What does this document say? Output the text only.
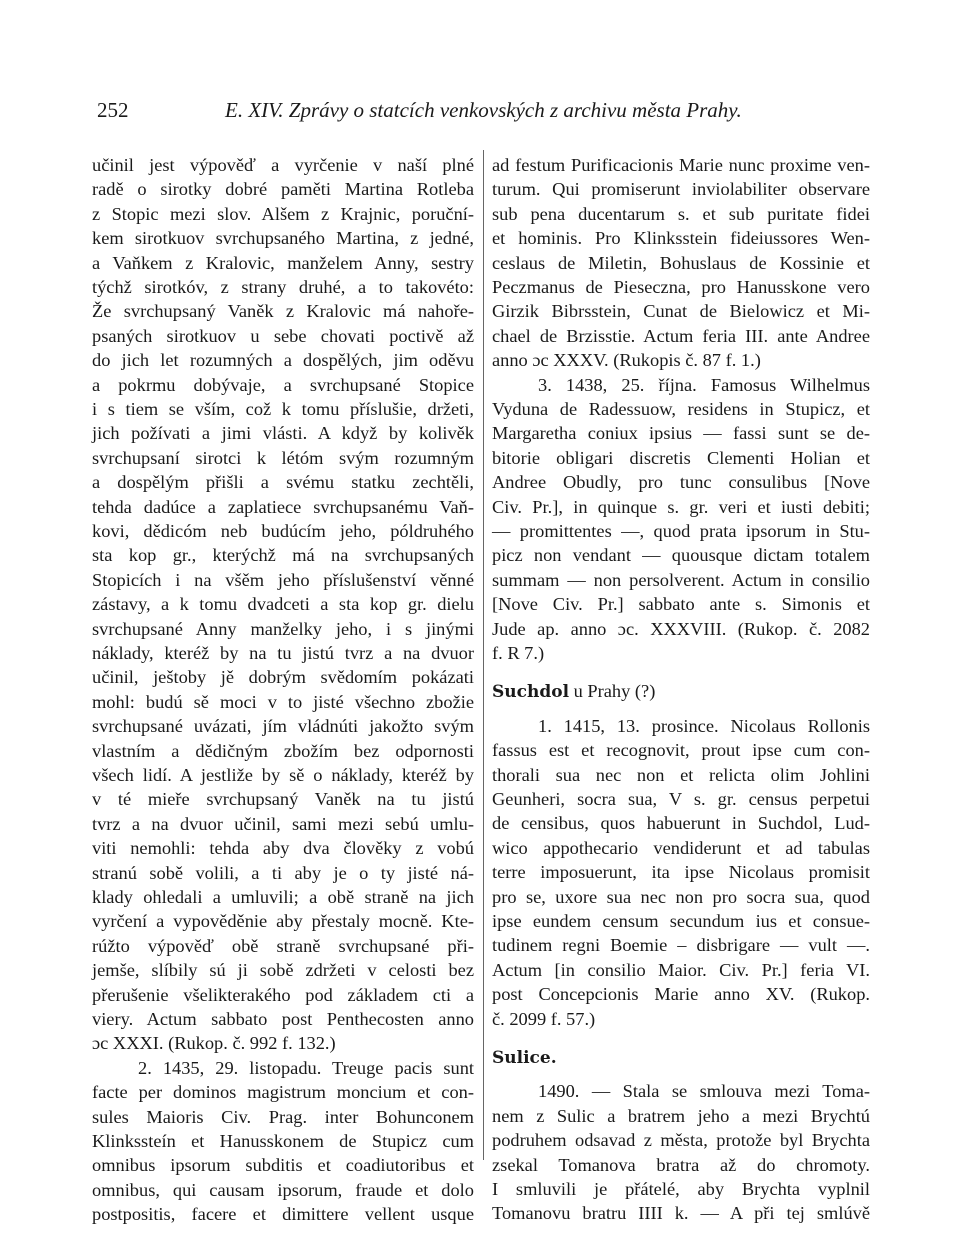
252	E. XIV. Zprávy o statcích venkovských z archivu města Prahy.
učinil jest výpověď a vyrčenie v naší plné
radě o sirotky dobré paměti Martina Rotleba
z Stopic mezi slov. Alšem z Krajnic, poruční-
kem sirotkuov svrchupsaného Martina, z jedné,
a Vaňkem z Kralovic, manželem Anny, sestry
týchž sirotkóv, z strany druhé, a to takovéto:
Že svrchupsaný Vaněk z Kralovic má nahoře-
psaných sirotkuov u sebe chovati poctivě až
do jich let rozumných a dospělých, jim oděvu
a pokrmu dobývaje, a svrchupsané Stopice
i s tiem se vším, což k tomu příslušie, držeti,
jich požívati a jimi vlásti. A když by kolivěk
svrchupsaní sirotci k létóm svým rozumným
a dospělým přišli a svému statku zechtěli,
tehda dadúce a zaplatiece svrchupsanému Vaň-
kovi, dědicóm neb budúcím jeho, póldruhého
sta kop gr., kterýchž má na svrchupsaných
Stopicích i na všěm jeho příslušenství věnné
zástavy, a k tomu dvadceti a sta kop gr. dielu
svrchupsané Anny manželky jeho, i s jinými
náklady, kteréž by na tu jistú tvrz a na dvuor
učinil, ještoby jě dobrým svědomím pokázati
mohl: budú sě moci v to jisté všechno zbožie
svrchupsané uvázati, jím vládnúti jakožto svým
vlastním a dědičným zbožím bez odpornosti
všech lidí. A jestliže by sě o náklady, kteréž by
v té mieře svrchupsaný Vaněk na tu jistú
tvrz a na dvuor učinil, sami mezi sebú umlu-
viti nemohli: tehda aby dva člověky z vobú
stranú sobě volili, a ti aby je o ty jisté ná-
klady ohledali a umluvili; a obě straně na jich
vyrčení a vypověděnie aby přestaly mocně. Kte-
rúžto výpověď obě straně svrchupsané při-
jemše, slíbily sú ji sobě zdržeti v celosti bez
přerušenie všelikterakého pod základem cti a
viery. Actum sabbato post Penthecosten anno
ɔc XXXI. (Rukop. č. 992 f. 132.)
2. 1435, 29. listopadu. Treuge pacis sunt
facte per dominos magistrum moncium et con-
sules Maioris Civ. Prag. inter Bohunconem
Klinkssteín et Hanusskonem de Stupicz cum
omnibus ipsorum subditis et coadiutoribus et
omnibus, qui causam ipsorum, fraude et dolo
postpositis, facere et dimittere vellent usque
ad festum Purificacionis Marie nunc proxime ven-
turum. Qui promiserunt inviolabiliter observare
sub pena ducentarum s. et sub puritate fidei
et hominis. Pro Klinksstein fideiussores Wen-
ceslaus de Miletin, Bohuslaus de Kossinie et
Peczmanus de Pieseczna, pro Hanusskone vero
Girzik Bibrsstein, Cunat de Bielowicz et Mi-
chael de Brzisstie. Actum feria III. ante Andree
anno ɔc XXXV. (Rukopis č. 87 f. 1.)
3. 1438, 25. října. Famosus Wilhelmus
Vyduna de Radessuow, residens in Stupicz, et
Margaretha coniux ipsius — fassi sunt se de-
bitorie obligari discretis Clementi Holian et
Andree Obudly, pro tunc consulibus [Nove
Civ. Pr.], in quinque s. gr. veri et iusti debiti;
— promittentes —, quod prata ipsorum in Stu-
picz non vendant — quousque dictam totalem
summam — non persolverent. Actum in consilio
[Nove Civ. Pr.] sabbato ante s. Simonis et
Jude ap. anno ɔc. XXXVIII. (Rukop. č. 2082
f. R 7.)
Suchdol u Prahy (?)
1. 1415, 13. prosince. Nicolaus Rollonis
fassus est et recognovit, prout ipse cum con-
thorali sua nec non et relicta olim Johlini
Geunheri, socra sua, V s. gr. census perpetui
de censibus, quos habuerunt in Suchdol, Lud-
wico appothecario vendiderunt et ad tabulas
terre imposuerunt, ita ipse Nicolaus promisit
pro se, uxore sua nec non pro socra sua, quod
ipse eundem censum secundum ius et consue-
tudinem regni Boemie – disbrigare — vult —.
Actum [in consilio Maior. Civ. Pr.] feria VI.
post Concepcionis Marie anno XV. (Rukop.
č. 2099 f. 57.)
Sulice.
1490. — Stala se smlouva mezi Toma-
nem z Sulic a bratrem jeho a mezi Brychtú
podruhem odsavad z města, protože byl Brychta
zsekal Tomanova bratra až do chromoty.
I smluvili je přátelé, aby Brychta vyplnil
Tomanovu bratru IIII k. — A při tej smlúvě
